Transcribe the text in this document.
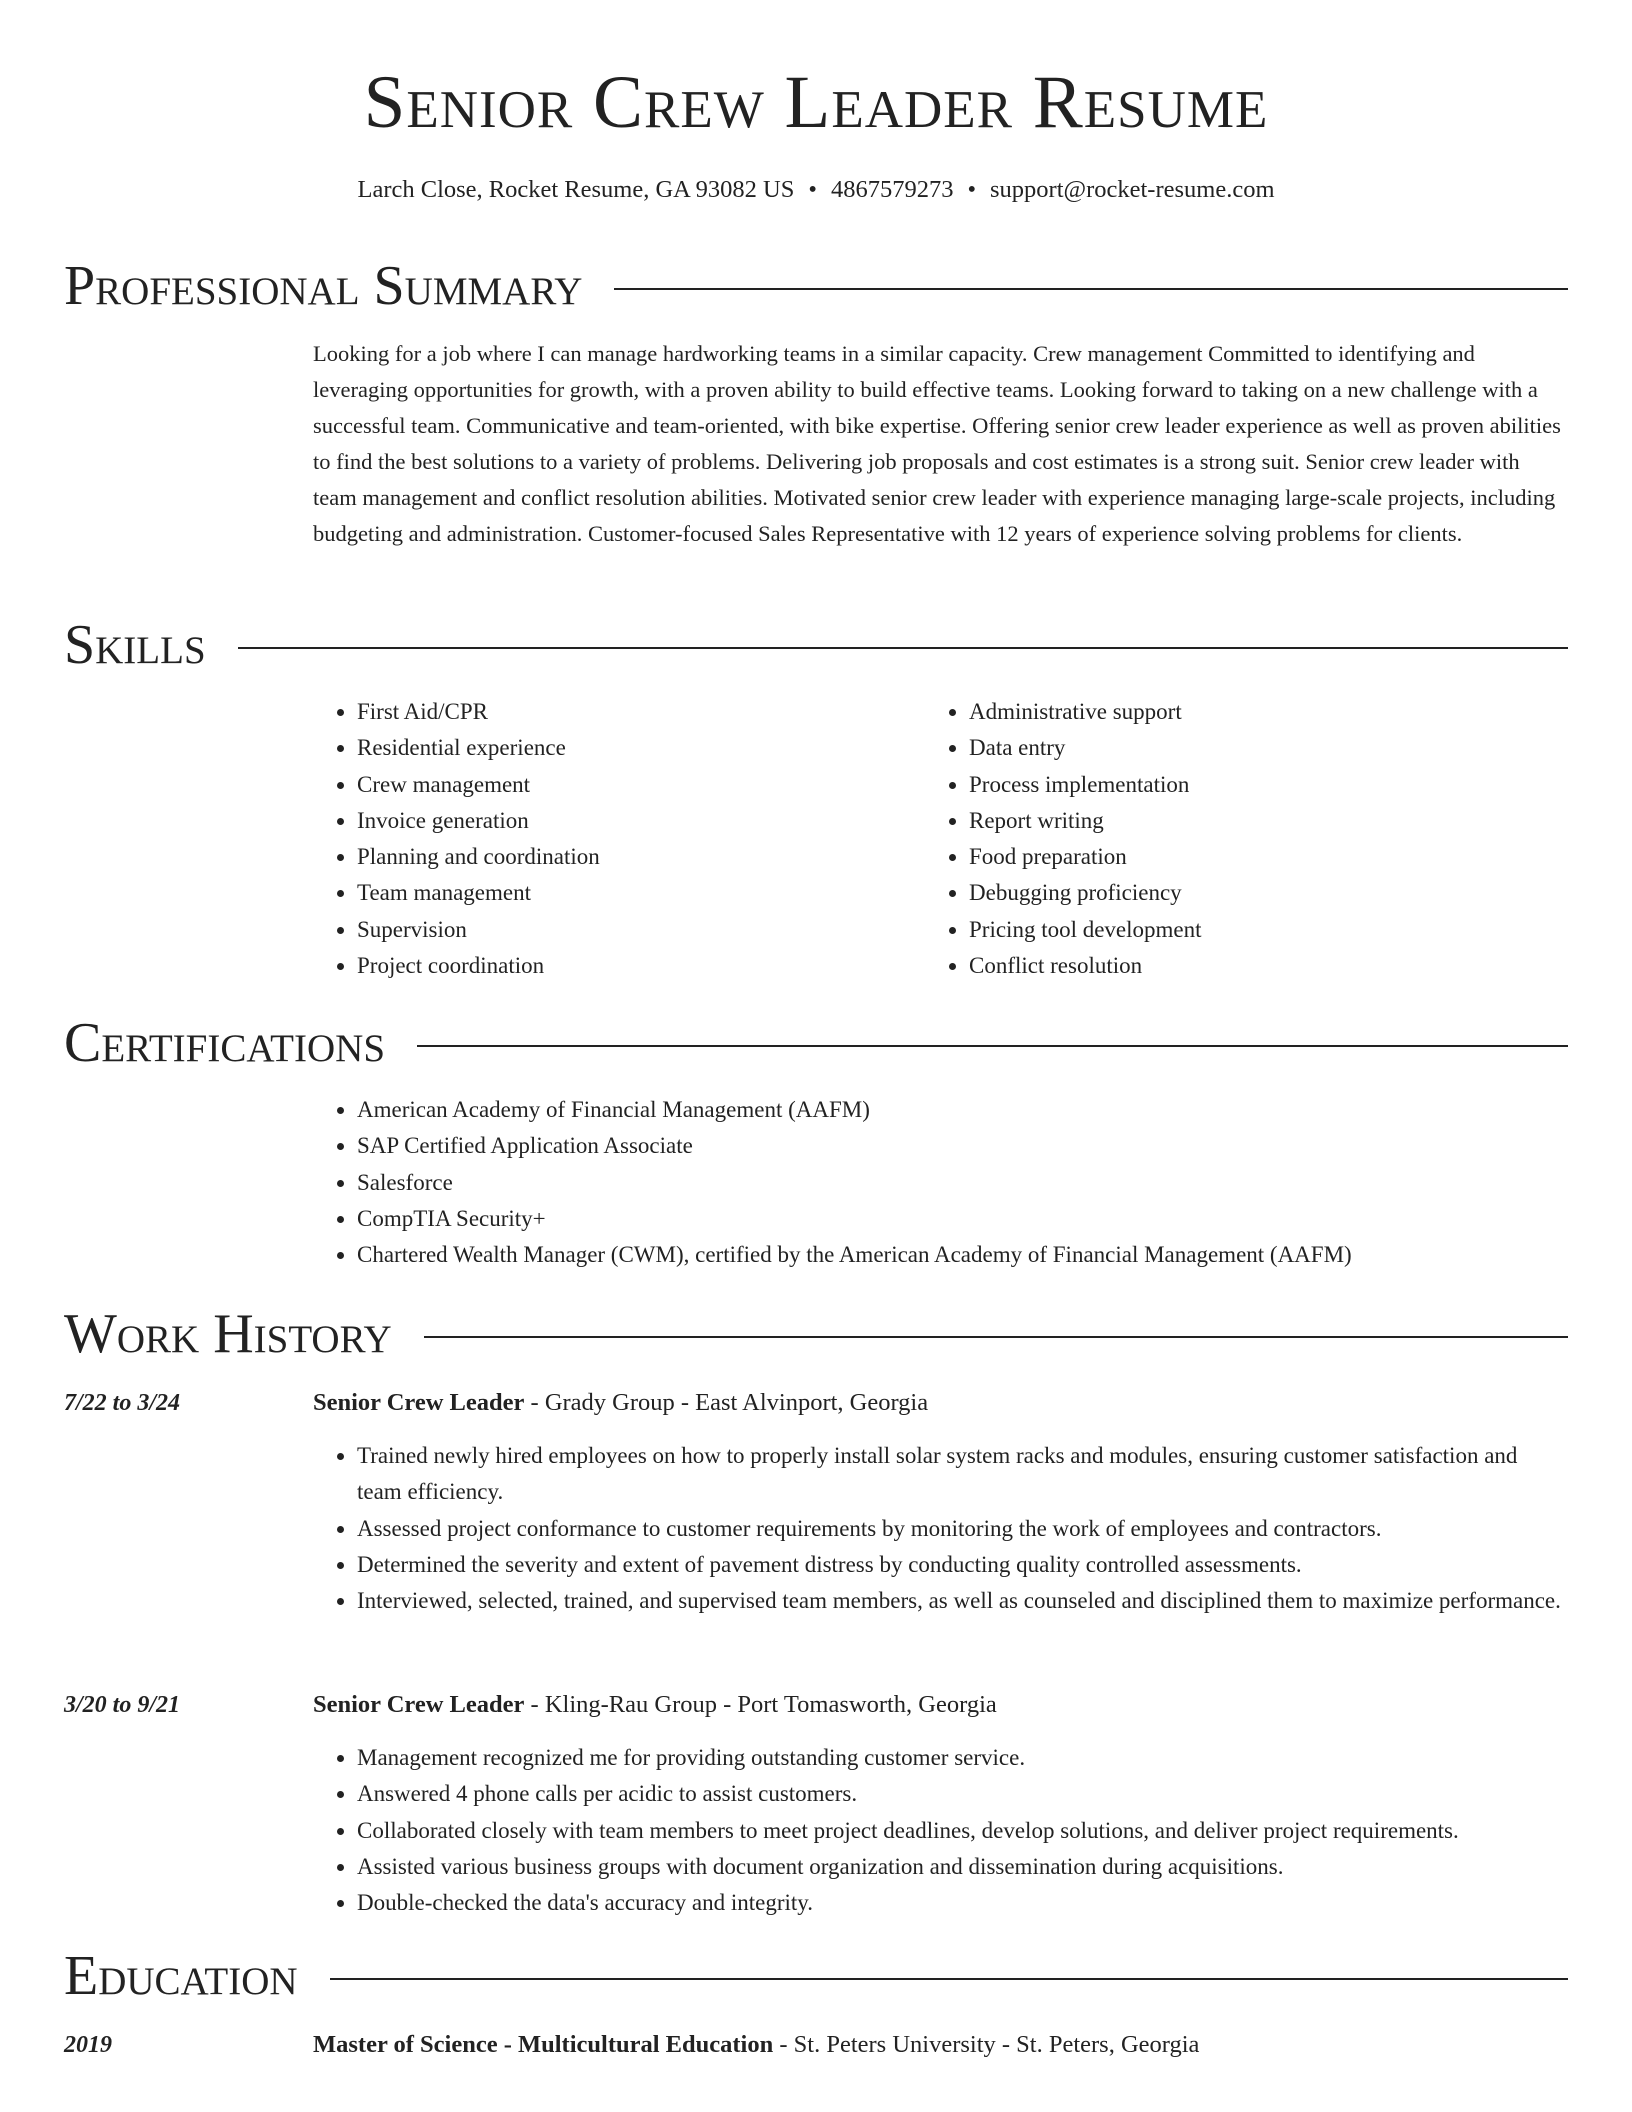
Senior Crew Leader Resume
Larch Close, Rocket Resume, GA 93082 US • 4867579273 • support@rocket-resume.com
Professional Summary
Looking for a job where I can manage hardworking teams in a similar capacity. Crew management Committed to identifying and leveraging opportunities for growth, with a proven ability to build effective teams. Looking forward to taking on a new challenge with a successful team. Communicative and team-oriented, with bike expertise. Offering senior crew leader experience as well as proven abilities to find the best solutions to a variety of problems. Delivering job proposals and cost estimates is a strong suit. Senior crew leader with team management and conflict resolution abilities. Motivated senior crew leader with experience managing large-scale projects, including budgeting and administration. Customer-focused Sales Representative with 12 years of experience solving problems for clients.
Skills
• First Aid/CPR
• Residential experience
• Crew management
• Invoice generation
• Planning and coordination
• Team management
• Supervision
• Project coordination
• Administrative support
• Data entry
• Process implementation
• Report writing
• Food preparation
• Debugging proficiency
• Pricing tool development
• Conflict resolution
Certifications
• American Academy of Financial Management (AAFM)
• SAP Certified Application Associate
• Salesforce
• CompTIA Security+
• Chartered Wealth Manager (CWM), certified by the American Academy of Financial Management (AAFM)
Work History
7/22 to 3/24	Senior Crew Leader - Grady Group - East Alvinport, Georgia
• Trained newly hired employees on how to properly install solar system racks and modules, ensuring customer satisfaction and team efficiency.
• Assessed project conformance to customer requirements by monitoring the work of employees and contractors.
• Determined the severity and extent of pavement distress by conducting quality controlled assessments.
• Interviewed, selected, trained, and supervised team members, as well as counseled and disciplined them to maximize performance.
3/20 to 9/21	Senior Crew Leader - Kling-Rau Group - Port Tomasworth, Georgia
• Management recognized me for providing outstanding customer service.
• Answered 4 phone calls per acidic to assist customers.
• Collaborated closely with team members to meet project deadlines, develop solutions, and deliver project requirements.
• Assisted various business groups with document organization and dissemination during acquisitions.
• Double-checked the data's accuracy and integrity.
Education
2019	Master of Science - Multicultural Education - St. Peters University - St. Peters, Georgia
